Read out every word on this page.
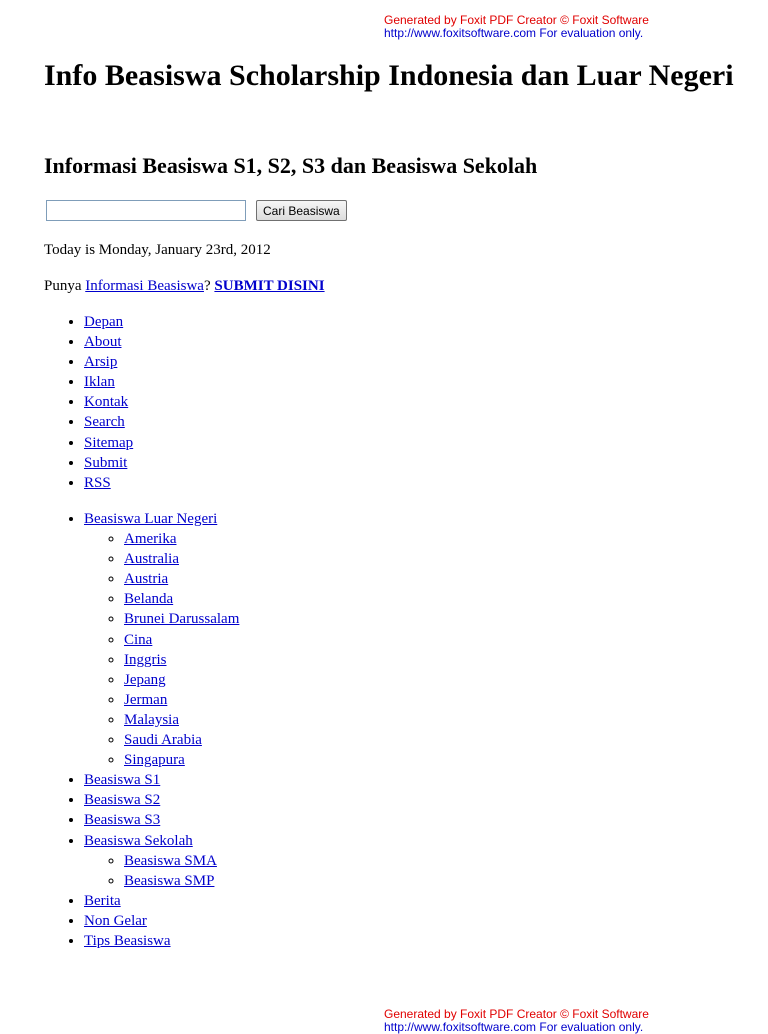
Generated by Foxit PDF Creator © Foxit Software
http://www.foxitsoftware.com For evaluation only.
Info Beasiswa Scholarship Indonesia dan Luar Negeri
Informasi Beasiswa S1, S2, S3 dan Beasiswa Sekolah
Cari Beasiswa

Today is Monday, January 23rd, 2012

Punya Informasi Beasiswa? SUBMIT DISINI

• Depan
• About
• Arsip
• Iklan
• Kontak
• Search
• Sitemap
• Submit
• RSS
• Beasiswa Luar Negeri
◦ Amerika
◦ Australia
◦ Austria
◦ Belanda
◦ Brunei Darussalam
◦ Cina
◦ Inggris
◦ Jepang
◦ Jerman
◦ Malaysia
◦ Saudi Arabia
◦ Singapura
• Beasiswa S1
• Beasiswa S2
• Beasiswa S3
• Beasiswa Sekolah
◦ Beasiswa SMA
◦ Beasiswa SMP
• Berita
• Non Gelar
• Tips Beasiswa
Generated by Foxit PDF Creator © Foxit Software
http://www.foxitsoftware.com For evaluation only.
